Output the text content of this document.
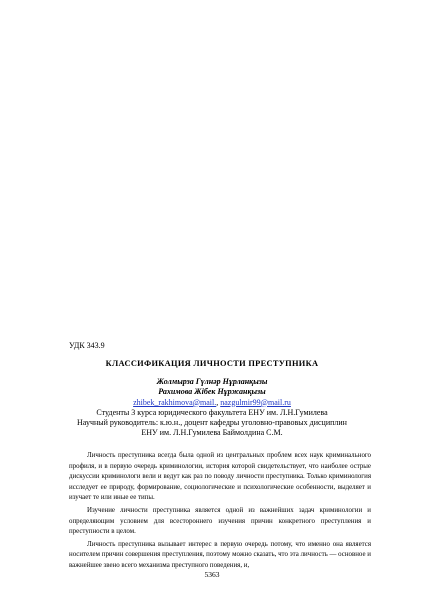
УДК 343.9
КЛАССИФИКАЦИЯ ЛИЧНОСТИ ПРЕСТУПНИКА
Жолмырза Гүлнәр Нұрланқызы
Рахимова Жібек Нұржанқызы
zhibek_rakhimova@mail., nazgulmir99@mail.ru
Студенты 3 курса юридического факультета ЕНУ им. Л.Н.Гумилева
Научный руководитель: к.ю.н., доцент кафедры уголовно-правовых дисциплин
ЕНУ им. Л.Н.Гумилева Баймолдина С.М.

Личность преступника всегда была одной из центральных проблем всех наук криминального профиля, и в первую очередь криминологии, история которой свидетельствует, что наиболее острые дискуссии криминологи вели и ведут как раз по поводу личности преступника. Только криминология исследует ее природу, формирование, социологические и психологические особенности, выделяет и изучает те или иные ее типы.

Изучение личности преступника является одной из важнейших задач криминологии и определяющим условием для всестороннего изучения причин конкретного преступления и преступности в целом.

Личность преступника вызывает интерес в первую очередь потому, что именно она является носителем причин совершения преступления, поэтому можно сказать, что эта личность — основное и важнейшее звено всего механизма преступного поведения, и,

5363
